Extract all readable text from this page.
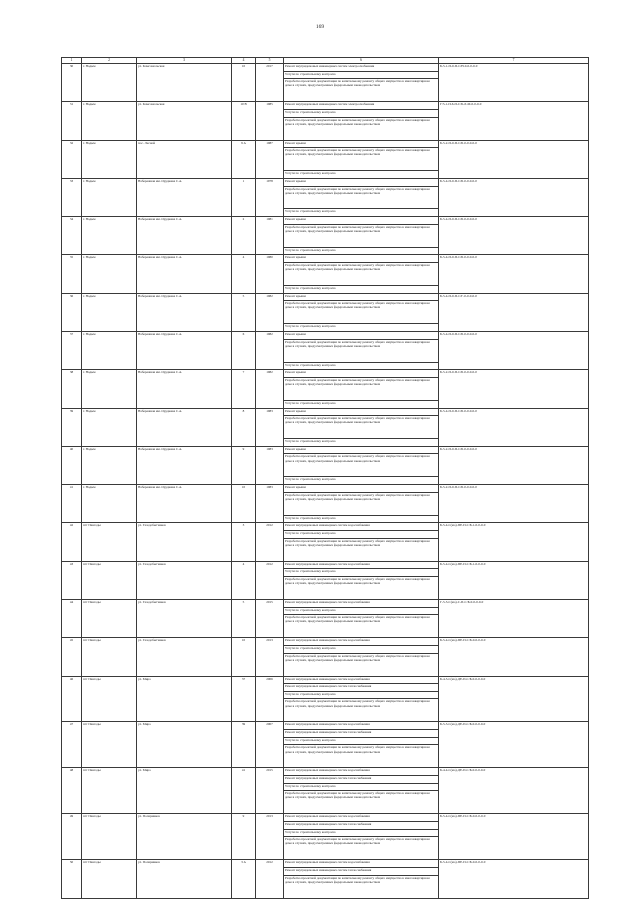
169
1	2	3	4	5	6	7
30	г. Надым	ул. Комсомольская	10	2017	Ремонт внутридомовых инженерных систем электроснабжения	Б-5-1-П-0-П-С/Н-0-0-0-0-0
					Услуги по строительному контролю	
					Разработка проектной документации по капитальному ремонту общего имущества в многоквартирном доме в случаях, предусмотренных федеральным законодательством	
31	г. Надым	ул. Комсомольская	10 В	1985	Ремонт внутридомовых инженерных систем электроснабжения	Г/5-1-П-6-П-С/Б-Л-М-0-0-0-0
					Услуги по строительному контролю	
					Разработка проектной документации по капитальному ремонту общего имущества в многоквартирном доме в случаях, предусмотренных федеральным законодательством	
32	г. Надым	пос. Лесной	9 А	1987	Ремонт крыши	Б-5-2-П-0-П-С/Б-0-0-0-0-0
					Разработка проектной документации по капитальному ремонту общего имущества в многоквартирном доме в случаях, предусмотренных федеральным законодательством	
					Услуги по строительному контролю	
33	г. Надым	Набережная им. Оруджева С.А.	1	1978	Ремонт крыши	Б-5-4-П-0-П-С/Б-0-0-0-0-0
					Разработка проектной документации по капитальному ремонту общего имущества в многоквартирном доме в случаях, предусмотренных федеральным законодательством	
					Услуги по строительному контролю	
34	г. Надым	Набережная им. Оруджева С.А.	2	1981	Ремонт крыши	Б-5-4-П-0-П-С/Б-0-0-0-0-0
					Разработка проектной документации по капитальному ремонту общего имущества в многоквартирном доме в случаях, предусмотренных федеральным законодательством	
					Услуги по строительному контролю	
35	г. Надым	Набережная им. Оруджева С.А.	4	1980	Ремонт крыши	Б-5-4-П-0-П-С/Б-0-0-0-0-0
					Разработка проектной документации по капитальному ремонту общего имущества в многоквартирном доме в случаях, предусмотренных федеральным законодательством	
					Услуги по строительному контролю	
36	г. Надым	Набережная им. Оруджева С.А.	5	1982	Ремонт крыши	Б-5-4-П-0-П-С/Г-0-0-0-0-0
					Разработка проектной документации по капитальному ремонту общего имущества в многоквартирном доме в случаях, предусмотренных федеральным законодательством	
					Услуги по строительному контролю	
37	г. Надым	Набережная им. Оруджева С.А.	6	1982	Ремонт крыши	Б-5-4-П-0-П-С/Б-0-0-0-0-0
					Разработка проектной документации по капитальному ремонту общего имущества в многоквартирном доме в случаях, предусмотренных федеральным законодательством	
					Услуги по строительному контролю	
38	г. Надым	Набережная им. Оруджева С.А.	7	1982	Ремонт крыши	Б-5-2-П-0-П-С/Б-0-0-0-0-0
					Разработка проектной документации по капитальному ремонту общего имущества в многоквартирном доме в случаях, предусмотренных федеральным законодательством	
					Услуги по строительному контролю	
39	г. Надым	Набережная им. Оруджева С.А.	8	1983	Ремонт крыши	Б-5-4-П-0-П-С/Б-0-0-0-0-0
					Разработка проектной документации по капитальному ремонту общего имущества в многоквартирном доме в случаях, предусмотренных федеральным законодательством	
					Услуги по строительному контролю	
40	г. Надым	Набережная им. Оруджева С.А.	9	1983	Ремонт крыши	Б-5-2-П-0-П-С/Б-0-0-0-0-0
					Разработка проектной документации по капитальному ремонту общего имущества в многоквартирном доме в случаях, предусмотренных федеральным законодательством	
					Услуги по строительному контролю	
41	г. Надым	Набережная им. Оруджева С.А.	10	1983	Ремонт крыши	Б-5-2-П-0-П-С/Б-0-0-0-0-0
					Разработка проектной документации по капитальному ремонту общего имущества в многоквартирном доме в случаях, предусмотренных федеральным законодательством	
					Услуги по строительному контролю	
42	пгт Пангоды	ул. Газодобытчиков	3	2012	Ремонт внутридомовых инженерных систем водоснабжения	Б-5-4-С(мо)-ПЕ-П-С/Б-1-0-0-0-0
					Услуги по строительному контролю	
					Разработка проектной документации по капитальному ремонту общего имущества в многоквартирном доме в случаях, предусмотренных федеральным законодательством	
43	пгт Пангоды	ул. Газодобытчиков	4	2012	Ремонт внутридомовых инженерных систем водоснабжения	Б-5-4-С(мо)-ПЕ-П-С/Б-1-0-0-0-0
					Услуги по строительному контролю	
					Разработка проектной документации по капитальному ремонту общего имущества в многоквартирном доме в случаях, предусмотренных федеральным законодательством	
44	пгт Пангоды	ул. Газодобытчиков	5	2015	Ремонт внутридомовых инженерных систем водоснабжения	Г-5-3-С(мо)-С-П-С/Б-0-0-0-0-0
					Услуги по строительному контролю	
					Разработка проектной документации по капитальному ремонту общего имущества в многоквартирном доме в случаях, предусмотренных федеральным законодательством	
45	пгт Пангоды	ул. Газодобытчиков	10	2013	Ремонт внутридомовых инженерных систем водоснабжения	Б-5-4-С(мо)-ПЕ-П-С/Б-0-0-0-0-0
					Услуги по строительному контролю	
					Разработка проектной документации по капитальному ремонту общего имущества в многоквартирном доме в случаях, предусмотренных федеральным законодательством	
46	пгт Пангоды	ул. Мира	37	2006	Ремонт внутридомовых инженерных систем водоснабжения	Б-4-3-С(мо)-ДЕ-П-С/Б-0-0-0-0-0
					Ремонт внутридомовых инженерных систем теплоснабжения	
					Услуги по строительному контролю	
					Разработка проектной документации по капитальному ремонту общего имущества в многоквартирном доме в случаях, предусмотренных федеральным законодательством	
47	пгт Пангоды	ул. Мира	39	2007	Ремонт внутридомовых инженерных систем водоснабжения	Б-5-3-С(мо)-ДЕ-П-С/Б-0-0-0-0-0
					Ремонт внутридомовых инженерных систем теплоснабжения	
					Услуги по строительному контролю	
					Разработка проектной документации по капитальному ремонту общего имущества в многоквартирном доме в случаях, предусмотренных федеральным законодательством	
48	пгт Пангоды	ул. Мира	41	2015	Ремонт внутридомовых инженерных систем водоснабжения	Б-4-4-С(мо)-ДЕ-П-С/Б-0-0-0-0-0
					Ремонт внутридомовых инженерных систем теплоснабжения	
					Услуги по строительному контролю	
					Разработка проектной документации по капитальному ремонту общего имущества в многоквартирном доме в случаях, предусмотренных федеральным законодательством	
49	пгт Пангоды	ул. Полярников	9	2013	Ремонт внутридомовых инженерных систем водоснабжения	Б-5-4-С(мо)-ПЕ-П-С/Б-0-0-0-0-0
					Ремонт внутридомовых инженерных систем теплоснабжения	
					Услуги по строительному контролю	
					Разработка проектной документации по капитальному ремонту общего имущества в многоквартирном доме в случаях, предусмотренных федеральным законодательством	
50	пгт Пангоды	ул. Полярников	3 А	2012	Ремонт внутридомовых инженерных систем водоснабжения	Б-5-4-С(мо)-ПЕ-П-С/Б-0-0-0-0-0
					Ремонт внутридомовых инженерных систем теплоснабжения	
					Разработка проектной документации по капитальному ремонту общего имущества в многоквартирном доме в случаях, предусмотренных федеральным законодательством	
